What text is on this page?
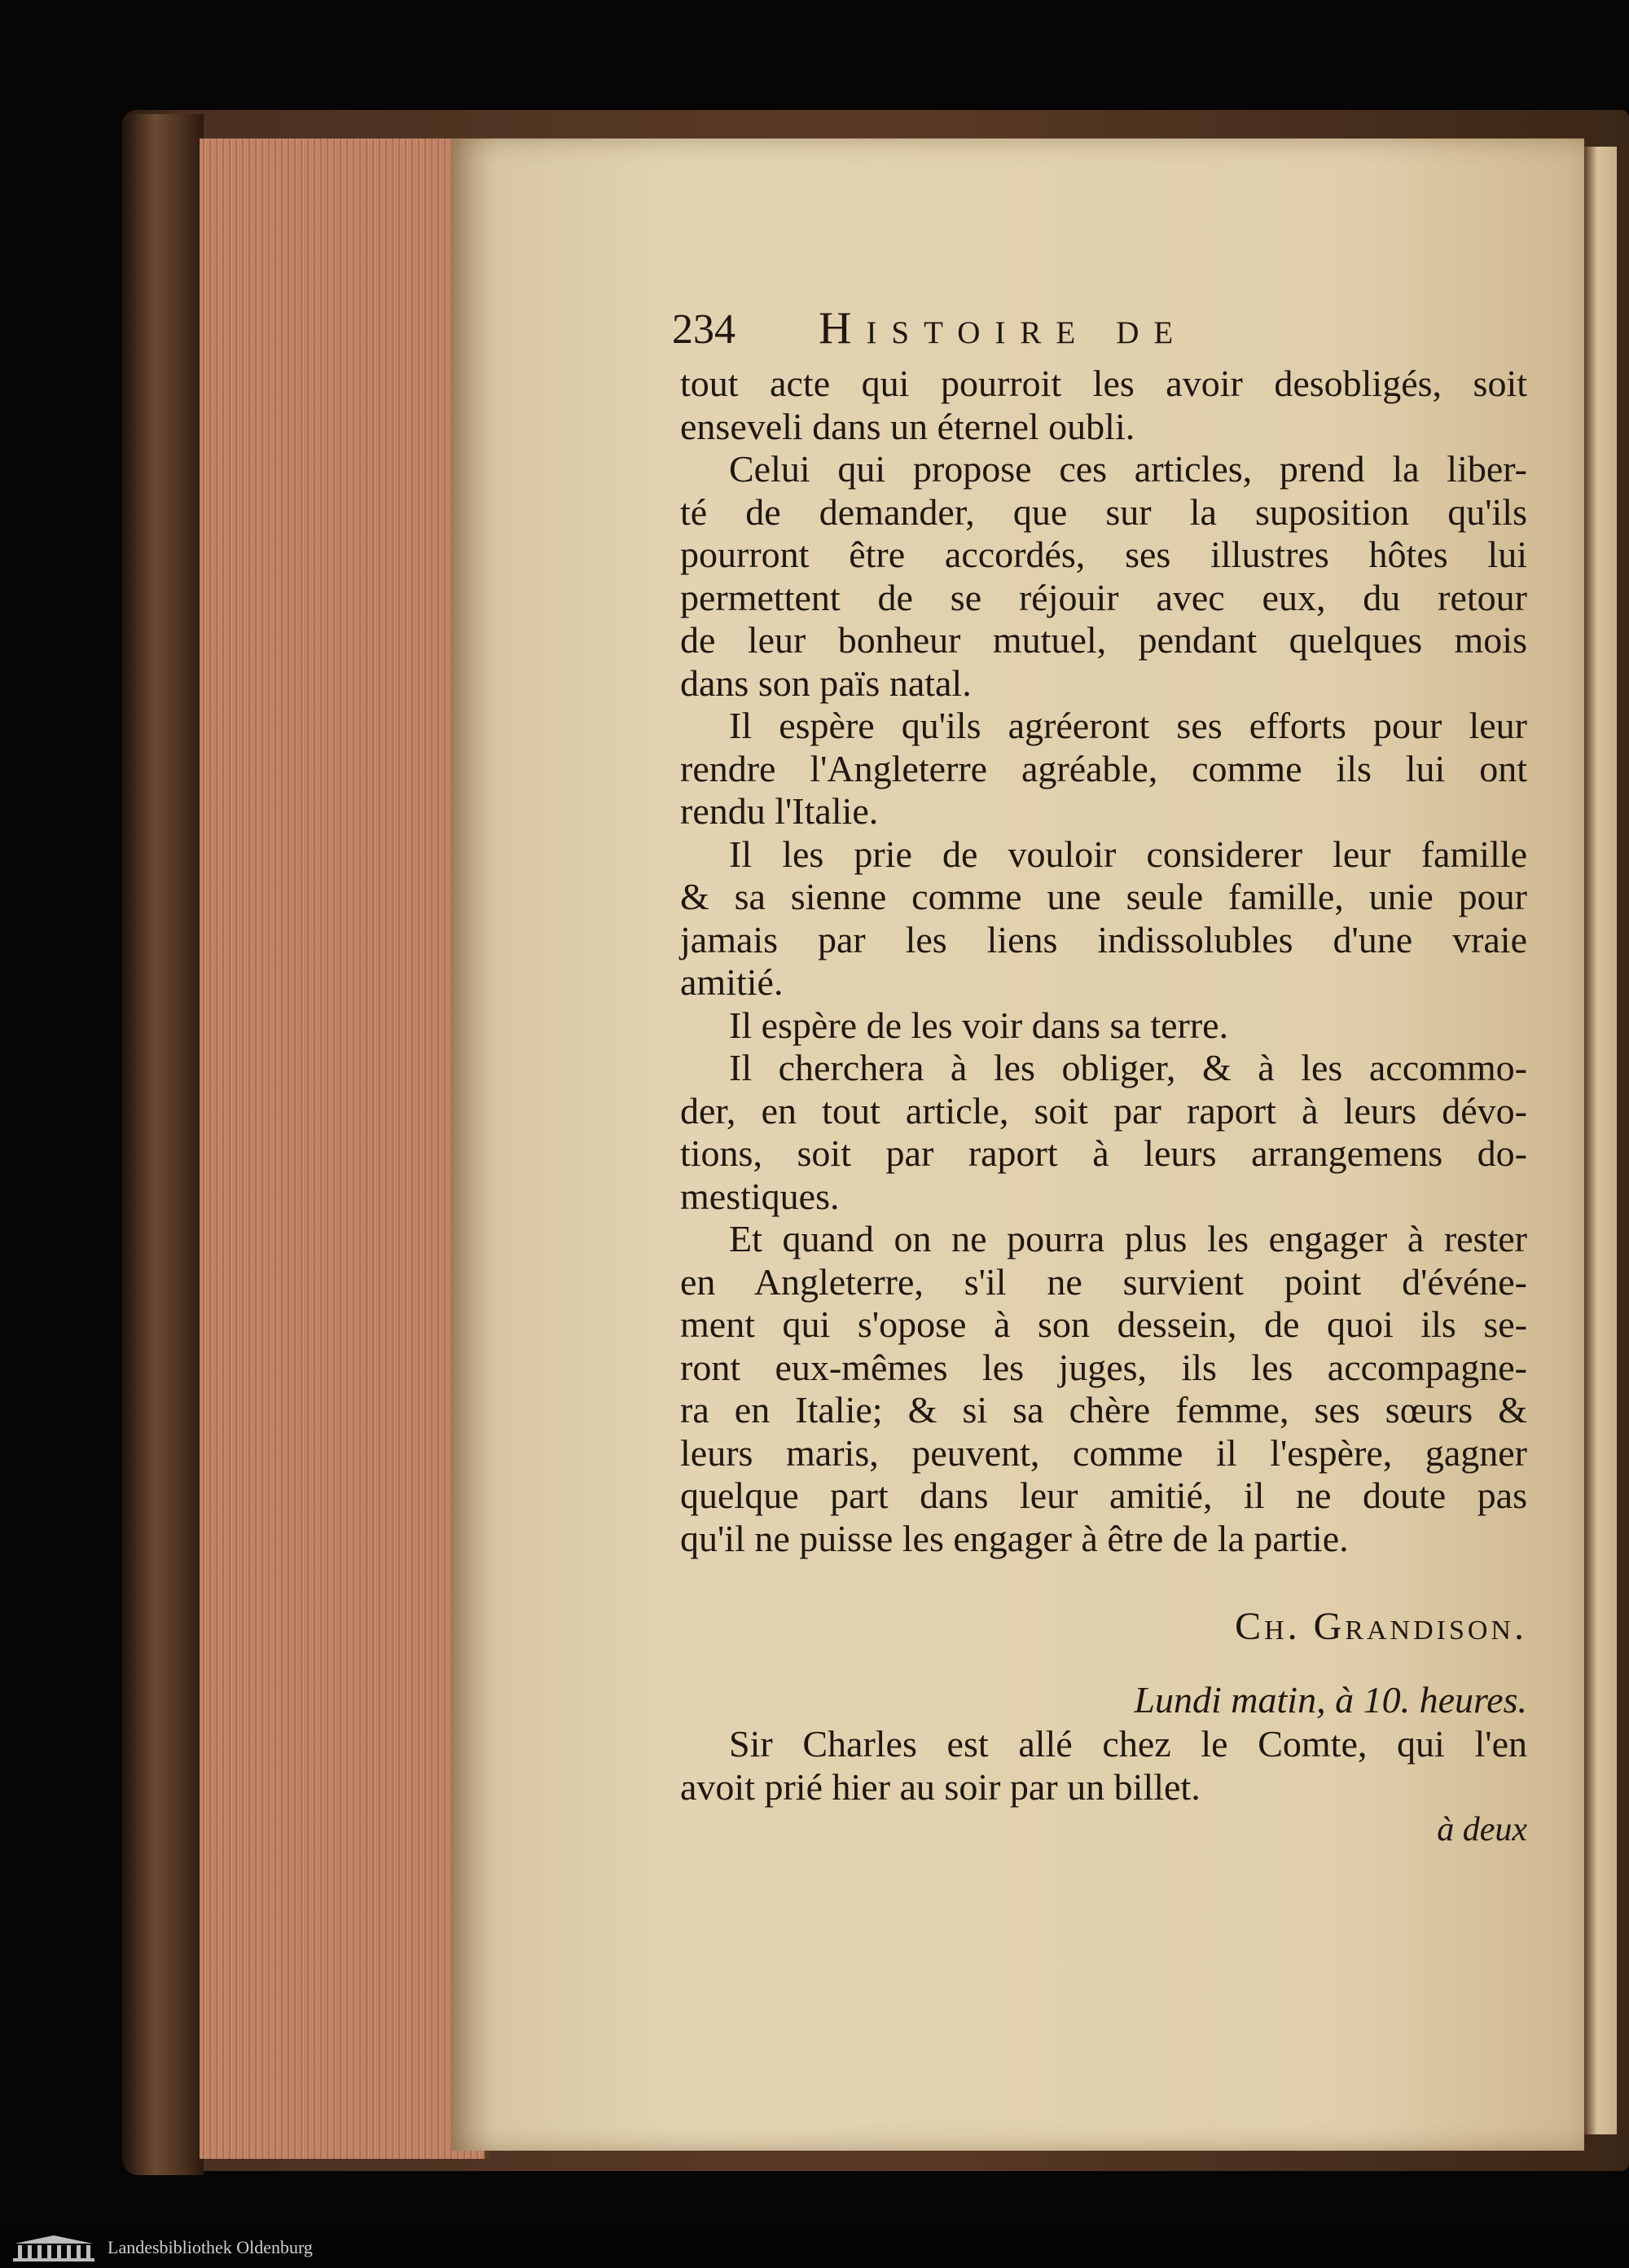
234 Histoire de
tout acte qui pourroit les avoir desobligés, soit
enseveli dans un éternel oubli.
Celui qui propose ces articles, prend la liber-
té de demander, que sur la suposition qu'ils
pourront être accordés, ses illustres hôtes lui
permettent de se réjouir avec eux, du retour
de leur bonheur mutuel, pendant quelques mois
dans son païs natal.
Il espère qu'ils agréeront ses efforts pour leur
rendre l'Angleterre agréable, comme ils lui ont
rendu l'Italie.
Il les prie de vouloir considerer leur famille
& sa sienne comme une seule famille, unie pour
jamais par les liens indissolubles d'une vraie
amitié.
Il espère de les voir dans sa terre.
Il cherchera à les obliger, & à les accommo-
der, en tout article, soit par raport à leurs dévo-
tions, soit par raport à leurs arrangemens do-
mestiques.
Et quand on ne pourra plus les engager à rester
en Angleterre, s'il ne survient point d'événe-
ment qui s'opose à son dessein, de quoi ils se-
ront eux-mêmes les juges, ils les accompagne-
ra en Italie; & si sa chère femme, ses sœurs &
leurs maris, peuvent, comme il l'espère, gagner
quelque part dans leur amitié, il ne doute pas
qu'il ne puisse les engager à être de la partie.
Ch. Grandison.
Lundi matin, à 10. heures.
Sir Charles est allé chez le Comte, qui l'en
avoit prié hier au soir par un billet.
à deux
Landesbibliothek Oldenburg
